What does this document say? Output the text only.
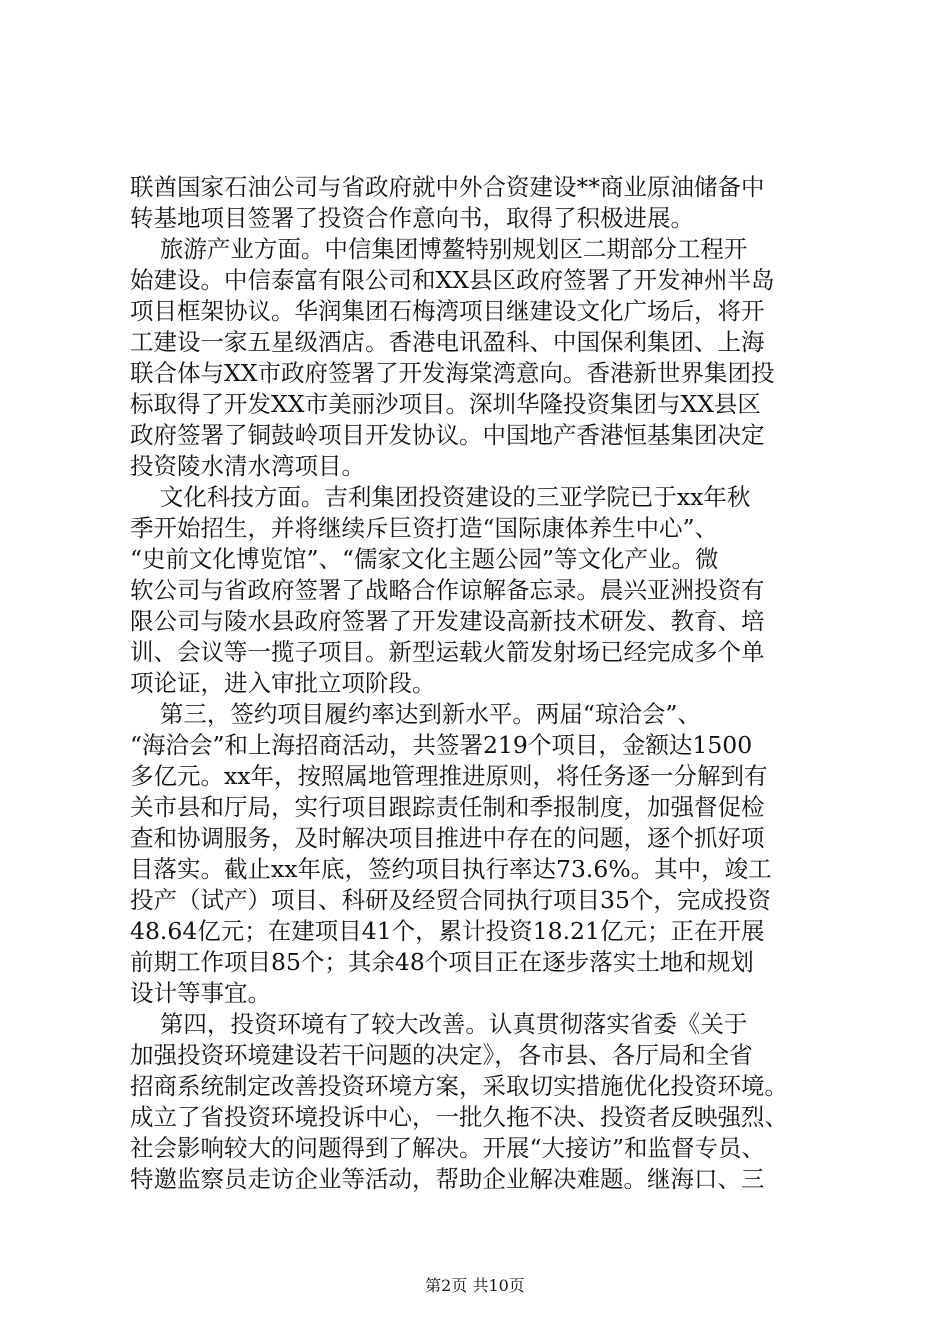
联酋国家石油公司与省政府就中外合资建设**商业原油储备中
转基地项目签署了投资合作意向书，取得了积极进展。
旅游产业方面。中信集团博鳌特别规划区二期部分工程开
始建设。中信泰富有限公司和XX县区政府签署了开发神州半岛
项目框架协议。华润集团石梅湾项目继建设文化广场后，将开
工建设一家五星级酒店。香港电讯盈科、中国保利集团、上海
联合体与XX市政府签署了开发海棠湾意向。香港新世界集团投
标取得了开发XX市美丽沙项目。深圳华隆投资集团与XX县区
政府签署了铜鼓岭项目开发协议。中国地产香港恒基集团决定
投资陵水清水湾项目。
文化科技方面。吉利集团投资建设的三亚学院已于xx年秋
季开始招生，并将继续斥巨资打造“国际康体养生中心”、
“史前文化博览馆”、“儒家文化主题公园”等文化产业。微
软公司与省政府签署了战略合作谅解备忘录。晨兴亚洲投资有
限公司与陵水县政府签署了开发建设高新技术研发、教育、培
训、会议等一揽子项目。新型运载火箭发射场已经完成多个单
项论证，进入审批立项阶段。
第三，签约项目履约率达到新水平。两届“琼洽会”、
“海洽会”和上海招商活动，共签署219个项目，金额达1500
多亿元。xx年，按照属地管理推进原则，将任务逐一分解到有
关市县和厅局，实行项目跟踪责任制和季报制度，加强督促检
查和协调服务，及时解决项目推进中存在的问题，逐个抓好项
目落实。截止xx年底，签约项目执行率达73.6%。其中，竣工
投产（试产）项目、科研及经贸合同执行项目35个，完成投资
48.64亿元；在建项目41个，累计投资18.21亿元；正在开展
前期工作项目85个；其余48个项目正在逐步落实土地和规划
设计等事宜。
第四，投资环境有了较大改善。认真贯彻落实省委《关于
加强投资环境建设若干问题的决定》，各市县、各厅局和全省
招商系统制定改善投资环境方案，采取切实措施优化投资环境。
成立了省投资环境投诉中心，一批久拖不决、投资者反映强烈、
社会影响较大的问题得到了解决。开展“大接访”和监督专员、
特邀监察员走访企业等活动，帮助企业解决难题。继海口、三
第2页 共10页
